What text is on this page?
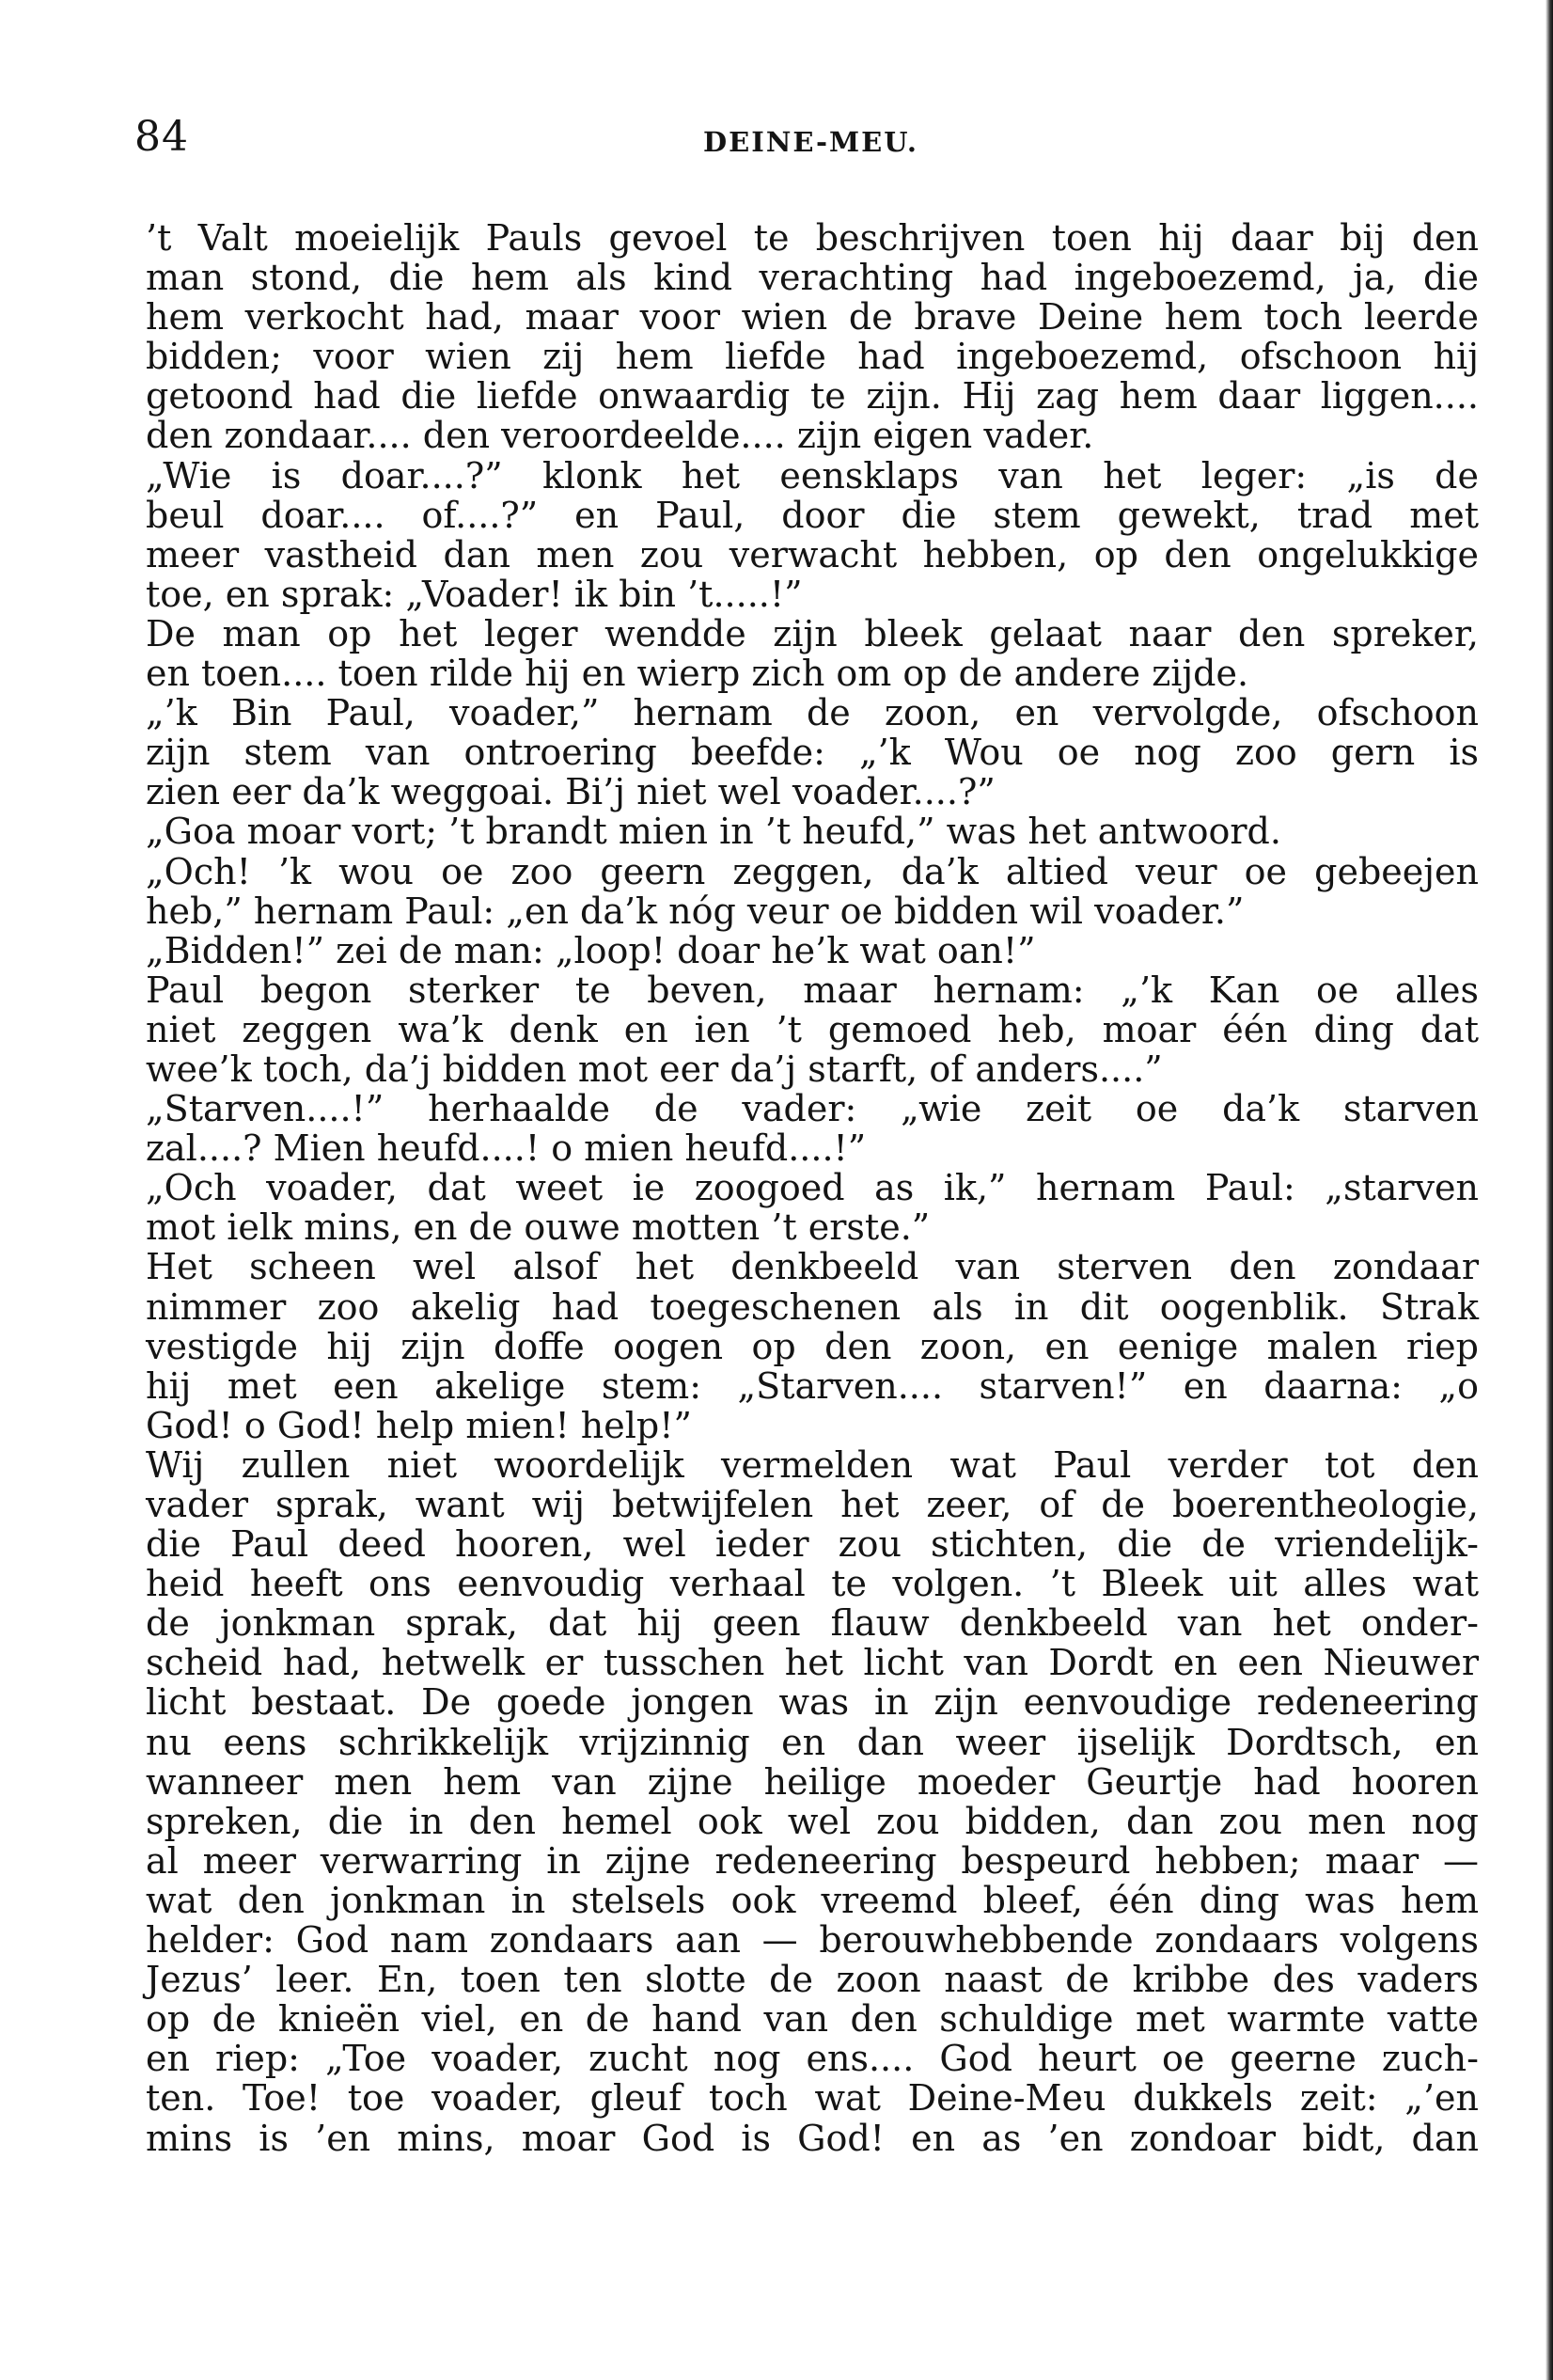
84	DEINE-MEU.
’t Valt moeielijk Pauls gevoel te beschrijven toen hij daar bij den
man stond, die hem als kind verachting had ingeboezemd, ja, die
hem verkocht had, maar voor wien de brave Deine hem toch leerde
bidden; voor wien zij hem liefde had ingeboezemd, ofschoon hij
getoond had die liefde onwaardig te zijn. Hij zag hem daar liggen....
den zondaar.... den veroordeelde.... zijn eigen vader.
„Wie is doar....?” klonk het eensklaps van het leger: „is de
beul doar.... of....?” en Paul, door die stem gewekt, trad met
meer vastheid dan men zou verwacht hebben, op den ongelukkige
toe, en sprak: „Voader! ik bin ’t.....!”
De man op het leger wendde zijn bleek gelaat naar den spreker,
en toen.... toen rilde hij en wierp zich om op de andere zijde.
„’k Bin Paul, voader,” hernam de zoon, en vervolgde, ofschoon
zijn stem van ontroering beefde: „’k Wou oe nog zoo gern is
zien eer da’k weggoai. Bi’j niet wel voader....?”
„Goa moar vort; ’t brandt mien in ’t heufd,” was het antwoord.
„Och! ’k wou oe zoo geern zeggen, da’k altied veur oe gebeejen
heb,” hernam Paul: „en da’k nóg veur oe bidden wil voader.”
„Bidden!” zei de man: „loop! doar he’k wat oan!”
Paul begon sterker te beven, maar hernam: „’k Kan oe alles
niet zeggen wa’k denk en ien ’t gemoed heb, moar één ding dat
wee’k toch, da’j bidden mot eer da’j starft, of anders....”
„Starven....!” herhaalde de vader: „wie zeit oe da’k starven
zal....? Mien heufd....! o mien heufd....!”
„Och voader, dat weet ie zoogoed as ik,” hernam Paul: „starven
mot ielk mins, en de ouwe motten ’t erste.”
Het scheen wel alsof het denkbeeld van sterven den zondaar
nimmer zoo akelig had toegeschenen als in dit oogenblik. Strak
vestigde hij zijn doffe oogen op den zoon, en eenige malen riep
hij met een akelige stem: „Starven.... starven!” en daarna: „o
God! o God! help mien! help!”
Wij zullen niet woordelijk vermelden wat Paul verder tot den
vader sprak, want wij betwijfelen het zeer, of de boerentheologie,
die Paul deed hooren, wel ieder zou stichten, die de vriendelijk-
heid heeft ons eenvoudig verhaal te volgen. ’t Bleek uit alles wat
de jonkman sprak, dat hij geen flauw denkbeeld van het onder-
scheid had, hetwelk er tusschen het licht van Dordt en een Nieuwer
licht bestaat. De goede jongen was in zijn eenvoudige redeneering
nu eens schrikkelijk vrijzinnig en dan weer ijselijk Dordtsch, en
wanneer men hem van zijne heilige moeder Geurtje had hooren
spreken, die in den hemel ook wel zou bidden, dan zou men nog
al meer verwarring in zijne redeneering bespeurd hebben; maar —
wat den jonkman in stelsels ook vreemd bleef, één ding was hem
helder: God nam zondaars aan — berouwhebbende zondaars volgens
Jezus’ leer. En, toen ten slotte de zoon naast de kribbe des vaders
op de knieën viel, en de hand van den schuldige met warmte vatte
en riep: „Toe voader, zucht nog ens.... God heurt oe geerne zuch-
ten. Toe! toe voader, gleuf toch wat Deine-Meu dukkels zeit: „’en
mins is ’en mins, moar God is God! en as ’en zondoar bidt, dan
